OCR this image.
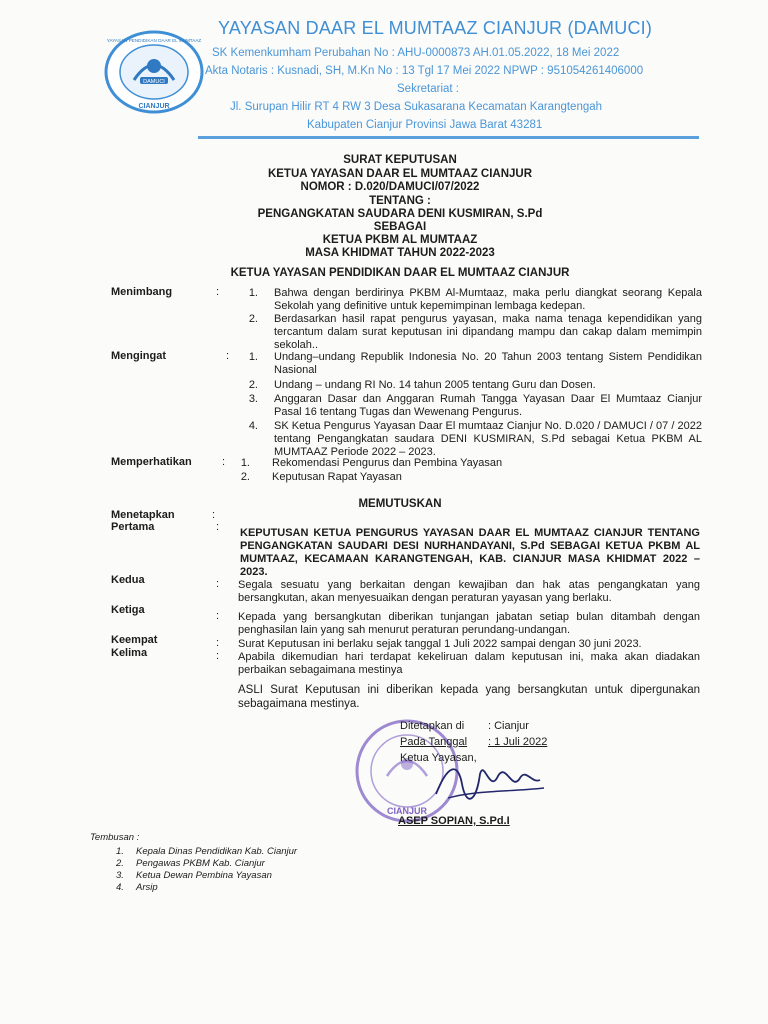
DAMUCI
CIANJUR
YAYASAN PENDIDIKAN DAAR EL MUMTAAZ
YAYASAN DAAR EL MUMTAAZ CIANJUR (DAMUCI)
SK Kemenkumham Perubahan No : AHU-0000873 AH.01.05.2022, 18 Mei 2022
Akta Notaris : Kusnadi, SH, M.Kn No : 13 Tgl 17 Mei 2022 NPWP : 951054261406000
Sekretariat :
Jl. Surupan Hilir RT 4 RW 3 Desa Sukasarana Kecamatan Karangtengah
Kabupaten Cianjur Provinsi Jawa Barat 43281
SURAT KEPUTUSAN
KETUA YAYASAN DAAR EL MUMTAAZ CIANJUR
NOMOR : D.020/DAMUCI/07/2022
TENTANG :
PENGANGKATAN SAUDARA DENI KUSMIRAN, S.Pd
SEBAGAI
KETUA PKBM AL MUMTAAZ
MASA KHIDMAT TAHUN 2022-2023
KETUA YAYASAN PENDIDIKAN DAAR EL MUMTAAZ CIANJUR
Menimbang	:	1. Bahwa dengan berdirinya PKBM Al-Mumtaaz, maka perlu diangkat seorang Kepala Sekolah yang definitive untuk kepemimpinan lembaga kedepan.
2. Berdasarkan hasil rapat pengurus yayasan, maka nama tenaga kependidikan yang tercantum dalam surat keputusan ini dipandang mampu dan cakap dalam memimpin sekolah..
Mengingat	:	1. Undang–undang Republik Indonesia No. 20 Tahun 2003 tentang Sistem Pendidikan Nasional
2. Undang – undang RI No. 14 tahun 2005 tentang Guru dan Dosen.
3. Anggaran Dasar dan Anggaran Rumah Tangga Yayasan Daar El Mumtaaz Cianjur Pasal 16 tentang Tugas dan Wewenang Pengurus.
4. SK Ketua Pengurus Yayasan Daar El mumtaaz Cianjur No. D.020 / DAMUCI / 07 / 2022 tentang Pengangkatan saudara DENI KUSMIRAN, S.Pd sebagai Ketua PKBM AL MUMTAAZ Periode 2022 – 2023.
Memperhatikan	:	1. Rekomendasi Pengurus dan Pembina Yayasan
2. Keputusan Rapat Yayasan
MEMUTUSKAN
Menetapkan	:
Pertama	: KEPUTUSAN KETUA PENGURUS YAYASAN DAAR EL MUMTAAZ CIANJUR TENTANG PENGANGKATAN SAUDARI DESI NURHANDAYANI, S.Pd SEBAGAI KETUA PKBM AL MUMTAAZ, KECAMAAN KARANGTENGAH, KAB. CIANJUR MASA KHIDMAT 2022 – 2023.
Kedua	: Segala sesuatu yang berkaitan dengan kewajiban dan hak atas pengangkatan yang bersangkutan, akan menyesuaikan dengan peraturan yayasan yang berlaku.
Ketiga	: Kepada yang bersangkutan diberikan tunjangan jabatan setiap bulan ditambah dengan penghasilan lain yang sah menurut peraturan perundang-undangan.
Keempat	: Surat Keputusan ini berlaku sejak tanggal 1 Juli 2022 sampai dengan 30 juni 2023.
Kelima	: Apabila dikemudian hari terdapat kekeliruan dalam keputusan ini, maka akan diadakan perbaikan sebagaimana mestinya
ASLI Surat Keputusan ini diberikan kepada yang bersangkutan untuk dipergunakan sebagaimana mestinya.
CIANJUR
Ditetapkan di	: Cianjur
Pada Tanggal	: 1 Juli 2022
Ketua Yayasan,
ASEP SOPIAN, S.Pd.I
Tembusan :
1. Kepala Dinas Pendidikan Kab. Cianjur
2. Pengawas PKBM Kab. Cianjur
3. Ketua Dewan Pembina Yayasan
4. Arsip
